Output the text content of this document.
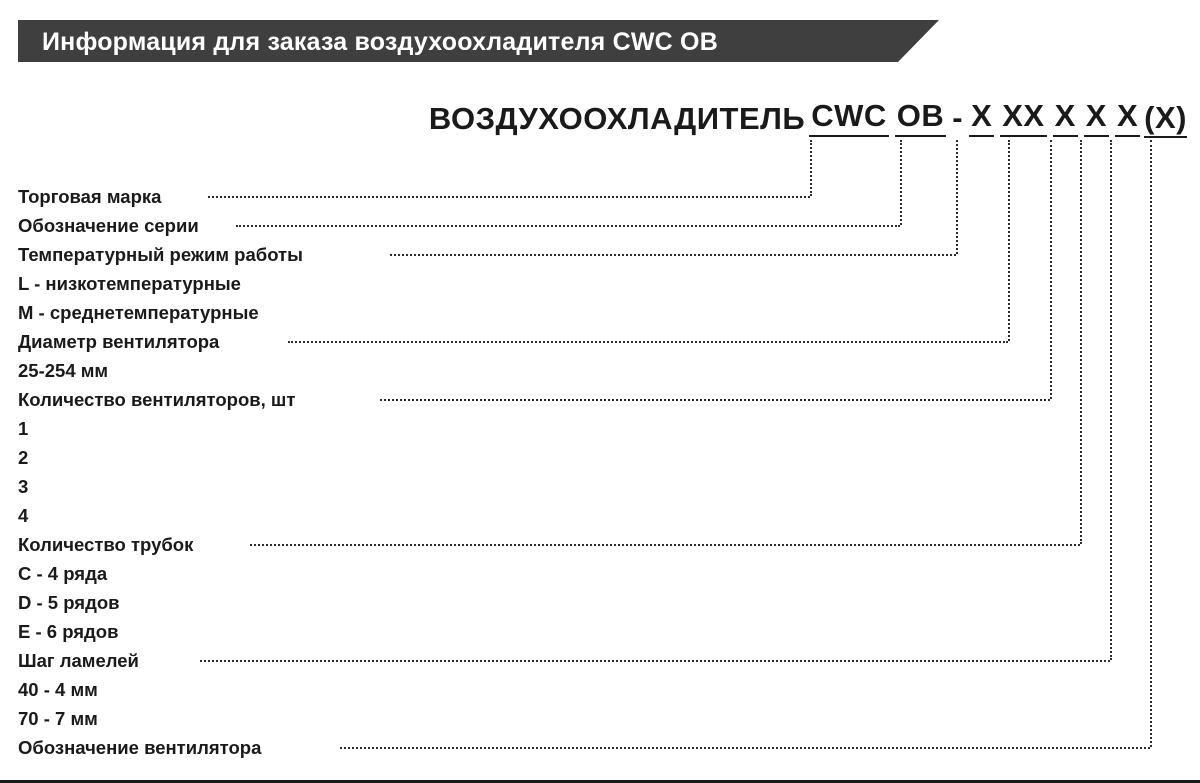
Информация для заказа воздухоохладителя CWC OB
ВОЗДУХООХЛАДИТЕЛЬ CWC OB - X XX X X X (X)
Торговая марка
Обозначение серии
Температурный режим работы
L - низкотемпературные
M - среднетемпературные
Диаметр вентилятора
25-254 мм
Количество вентиляторов, шт
1
2
3
4
Количество трубок
C - 4 ряда
D - 5 рядов
E - 6 рядов
Шаг ламелей
40 - 4 мм
70 - 7 мм
Обозначение вентилятора
